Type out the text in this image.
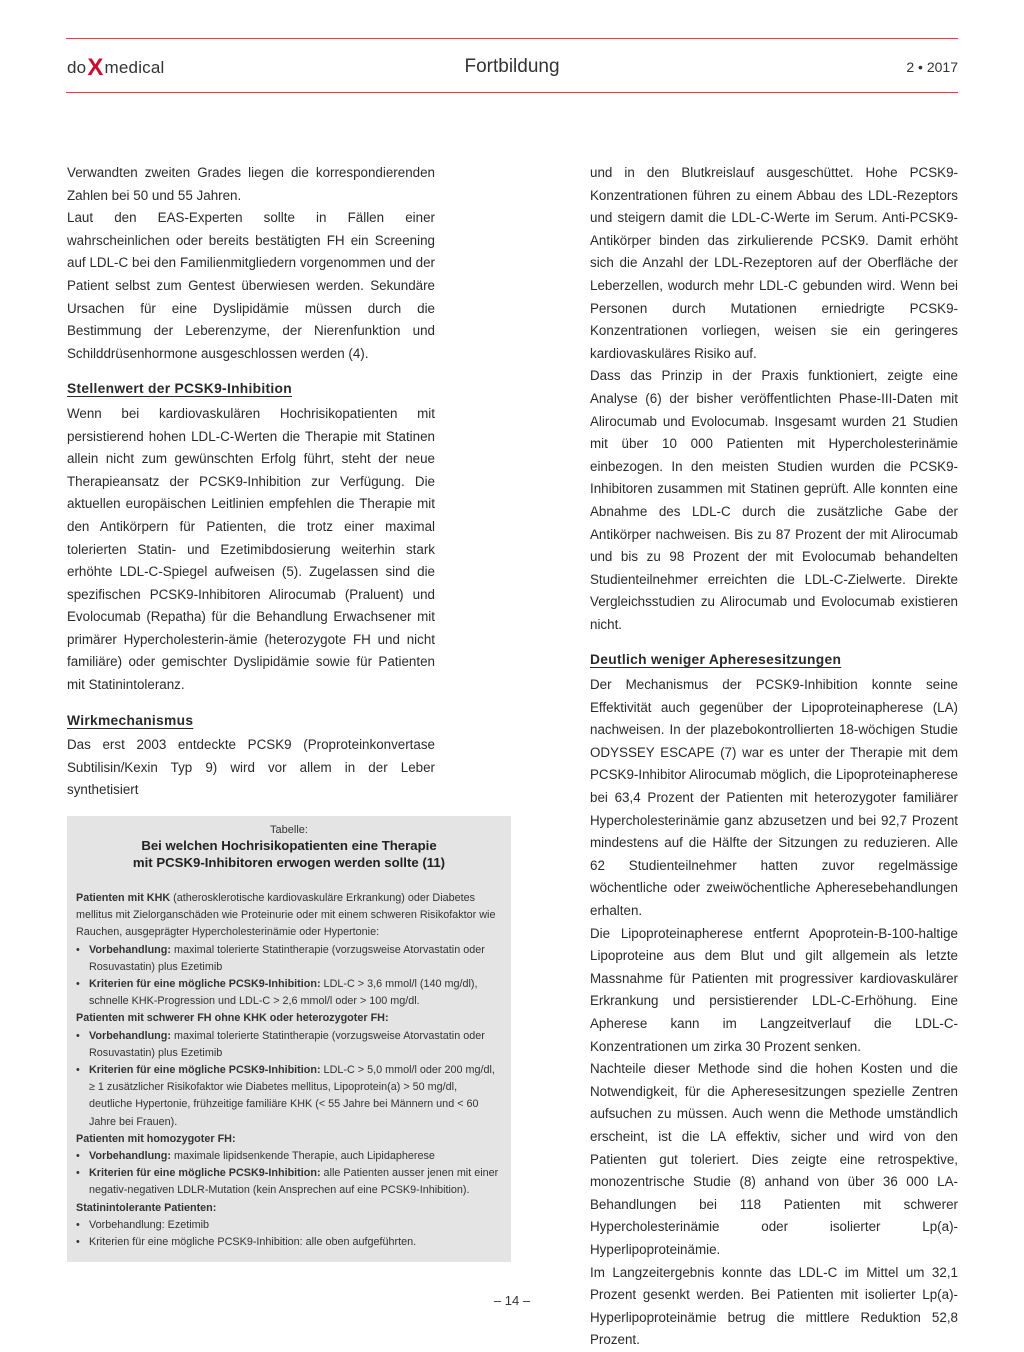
doXmedical	Fortbildung	2 • 2017

Verwandten zweiten Grades liegen die korrespondierenden Zahlen bei 50 und 55 Jahren.

Laut den EAS-Experten sollte in Fällen einer wahrscheinlichen oder bereits bestätigten FH ein Screening auf LDL-C bei den Familienmitgliedern vorgenommen und der Patient selbst zum Gentest überwiesen werden. Sekundäre Ursachen für eine Dyslipidämie müssen durch die Bestimmung der Leberenzyme, der Nierenfunktion und Schilddrüsenhormone ausgeschlossen werden (4).

Stellenwert der PCSK9-Inhibition

Wenn bei kardiovaskulären Hochrisikopatienten mit persistierend hohen LDL-C-Werten die Therapie mit Statinen allein nicht zum gewünschten Erfolg führt, steht der neue Therapieansatz der PCSK9-Inhibition zur Verfügung. Die aktuellen europäischen Leitlinien empfehlen die Therapie mit den Antikörpern für Patienten, die trotz einer maximal tolerierten Statin- und Ezetimibdosierung weiterhin stark erhöhte LDL-C-Spiegel aufweisen (5). Zugelassen sind die spezifischen PCSK9-Inhibitoren Alirocumab (Praluent) und Evolocumab (Repatha) für die Behandlung Erwachsener mit primärer Hypercholesterin-ämie (heterozygote FH und nicht familiäre) oder gemischter Dyslipidämie sowie für Patienten mit Statinintoleranz.

Wirkmechanismus

Das erst 2003 entdeckte PCSK9 (Proproteinkonvertase Subtilisin/Kexin Typ 9) wird vor allem in der Leber synthetisiert

Tabelle:
Bei welchen Hochrisikopatienten eine Therapie
mit PCSK9-Inhibitoren erwogen werden sollte (11)
Patienten mit KHK (atherosklerotische kardiovaskuläre Erkrankung) oder Diabetes mellitus mit Zielorganschäden wie Proteinurie oder mit einem schweren Risikofaktor wie Rauchen, ausgeprägter Hypercholesterinämie oder Hypertonie:
• Vorbehandlung: maximal tolerierte Statintherapie (vorzugsweise Atorvastatin oder Rosuvastatin) plus Ezetimib
• Kriterien für eine mögliche PCSK9-Inhibition: LDL-C > 3,6 mmol/l (140 mg/dl), schnelle KHK-Progression und LDL-C > 2,6 mmol/l oder > 100 mg/dl.
Patienten mit schwerer FH ohne KHK oder heterozygoter FH:
• Vorbehandlung: maximal tolerierte Statintherapie (vorzugsweise Atorvastatin oder Rosuvastatin) plus Ezetimib
• Kriterien für eine mögliche PCSK9-Inhibition: LDL-C > 5,0 mmol/l oder 200 mg/dl, ≥ 1 zusätzlicher Risikofaktor wie Diabetes mellitus, Lipoprotein(a) > 50 mg/dl, deutliche Hypertonie, frühzeitige familiäre KHK (< 55 Jahre bei Männern und < 60 Jahre bei Frauen).
Patienten mit homozygoter FH:
• Vorbehandlung: maximale lipidsenkende Therapie, auch Lipidapherese
• Kriterien für eine mögliche PCSK9-Inhibition: alle Patienten ausser jenen mit einer negativ-negativen LDLR-Mutation (kein Ansprechen auf eine PCSK9-Inhibition).
Statinintolerante Patienten:
• Vorbehandlung: Ezetimib
• Kriterien für eine mögliche PCSK9-Inhibition: alle oben aufgeführten.

und in den Blutkreislauf ausgeschüttet. Hohe PCSK9-Konzentrationen führen zu einem Abbau des LDL-Rezeptors und steigern damit die LDL-C-Werte im Serum. Anti-PCSK9-Antikörper binden das zirkulierende PCSK9. Damit erhöht sich die Anzahl der LDL-Rezeptoren auf der Oberfläche der Leberzellen, wodurch mehr LDL-C gebunden wird. Wenn bei Personen durch Mutationen erniedrigte PCSK9-Konzentrationen vorliegen, weisen sie ein geringeres kardiovaskuläres Risiko auf.

Dass das Prinzip in der Praxis funktioniert, zeigte eine Analyse (6) der bisher veröffentlichten Phase-III-Daten mit Alirocumab und Evolocumab. Insgesamt wurden 21 Studien mit über 10 000 Patienten mit Hypercholesterinämie einbezogen. In den meisten Studien wurden die PCSK9-Inhibitoren zusammen mit Statinen geprüft. Alle konnten eine Abnahme des LDL-C durch die zusätzliche Gabe der Antikörper nachweisen. Bis zu 87 Prozent der mit Alirocumab und bis zu 98 Prozent der mit Evolocumab behandelten Studienteilnehmer erreichten die LDL-C-Zielwerte. Direkte Vergleichsstudien zu Alirocumab und Evolocumab existieren nicht.

Deutlich weniger Apheresesitzungen

Der Mechanismus der PCSK9-Inhibition konnte seine Effektivität auch gegenüber der Lipoproteinapherese (LA) nachweisen. In der plazebokontrollierten 18-wöchigen Studie ODYSSEY ESCAPE (7) war es unter der Therapie mit dem PCSK9-Inhibitor Alirocumab möglich, die Lipoproteinapherese bei 63,4 Prozent der Patienten mit heterozygoter familiärer Hypercholesterinämie ganz abzusetzen und bei 92,7 Prozent mindestens auf die Hälfte der Sitzungen zu reduzieren. Alle 62 Studienteilnehmer hatten zuvor regelmässige wöchentliche oder zweiwöchentliche Apheresebehandlungen erhalten.

Die Lipoproteinapherese entfernt Apoprotein-B-100-haltige Lipoproteine aus dem Blut und gilt allgemein als letzte Massnahme für Patienten mit progressiver kardiovaskulärer Erkrankung und persistierender LDL-C-Erhöhung. Eine Apherese kann im Langzeitverlauf die LDL-C-Konzentrationen um zirka 30 Prozent senken.

Nachteile dieser Methode sind die hohen Kosten und die Notwendigkeit, für die Apheresesitzungen spezielle Zentren aufsuchen zu müssen. Auch wenn die Methode umständlich erscheint, ist die LA effektiv, sicher und wird von den Patienten gut toleriert. Dies zeigte eine retrospektive, monozentrische Studie (8) anhand von über 36 000 LA-Behandlungen bei 118 Patienten mit schwerer Hypercholesterinämie oder isolierter Lp(a)-Hyperlipoproteinämie.

Im Langzeitergebnis konnte das LDL-C im Mittel um 32,1 Prozent gesenkt werden. Bei Patienten mit isolierter Lp(a)-Hyperlipoproteinämie betrug die mittlere Reduktion 52,8 Prozent.

– 14 –
